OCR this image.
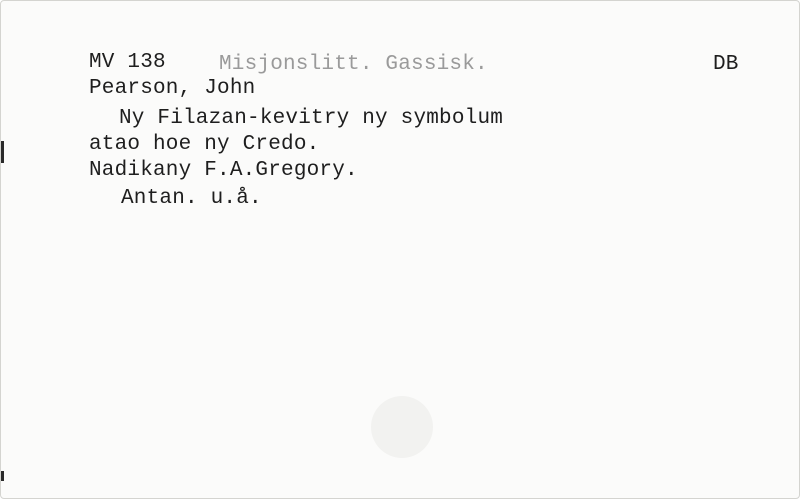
MV 138	Misjonslitt. Gassisk.	DB
Pearson, John
Ny Filazan-kevitry ny symbolum
atao hoe ny Credo.
Nadikany F.A.Gregory.
Antan. u.å.
